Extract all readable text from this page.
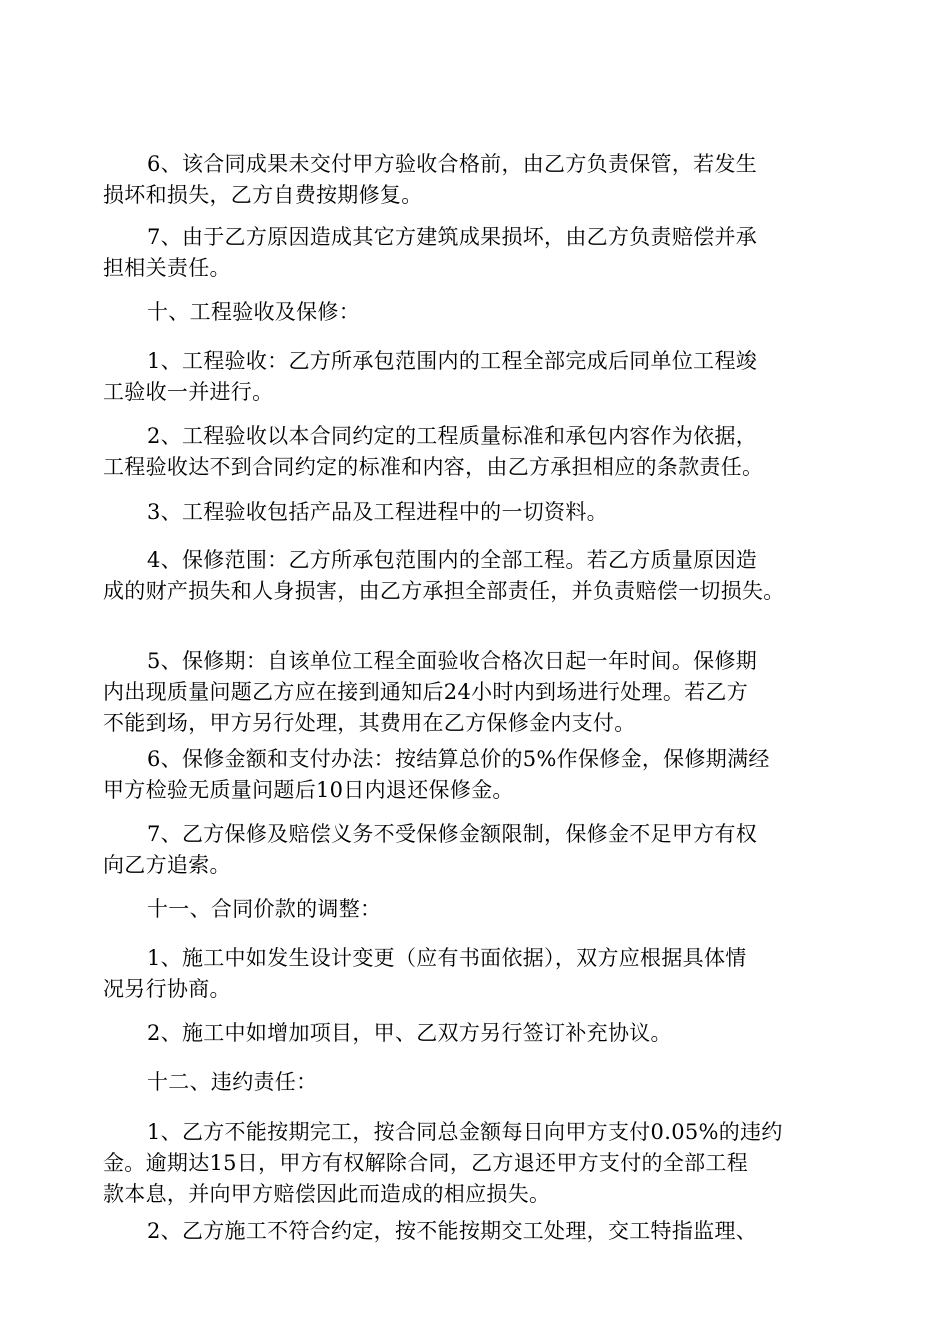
6、该合同成果未交付甲方验收合格前，由乙方负责保管，若发生
损坏和损失，乙方自费按期修复。
7、由于乙方原因造成其它方建筑成果损坏，由乙方负责赔偿并承
担相关责任。
十、工程验收及保修：
1、工程验收：乙方所承包范围内的工程全部完成后同单位工程竣
工验收一并进行。
2、工程验收以本合同约定的工程质量标准和承包内容作为依据，
工程验收达不到合同约定的标准和内容，由乙方承担相应的条款责任。
3、工程验收包括产品及工程进程中的一切资料。
4、保修范围：乙方所承包范围内的全部工程。若乙方质量原因造
成的财产损失和人身损害，由乙方承担全部责任，并负责赔偿一切损失。
5、保修期：自该单位工程全面验收合格次日起一年时间。保修期
内出现质量问题乙方应在接到通知后24小时内到场进行处理。若乙方
不能到场，甲方另行处理，其费用在乙方保修金内支付。
6、保修金额和支付办法：按结算总价的5%作保修金，保修期满经
甲方检验无质量问题后10日内退还保修金。
7、乙方保修及赔偿义务不受保修金额限制，保修金不足甲方有权
向乙方追索。
十一、合同价款的调整：
1、施工中如发生设计变更（应有书面依据），双方应根据具体情
况另行协商。
2、施工中如增加项目，甲、乙双方另行签订补充协议。
十二、违约责任：
1、乙方不能按期完工，按合同总金额每日向甲方支付0.05%的违约
金。逾期达15日，甲方有权解除合同，乙方退还甲方支付的全部工程
款本息，并向甲方赔偿因此而造成的相应损失。
2、乙方施工不符合约定，按不能按期交工处理，交工特指监理、
